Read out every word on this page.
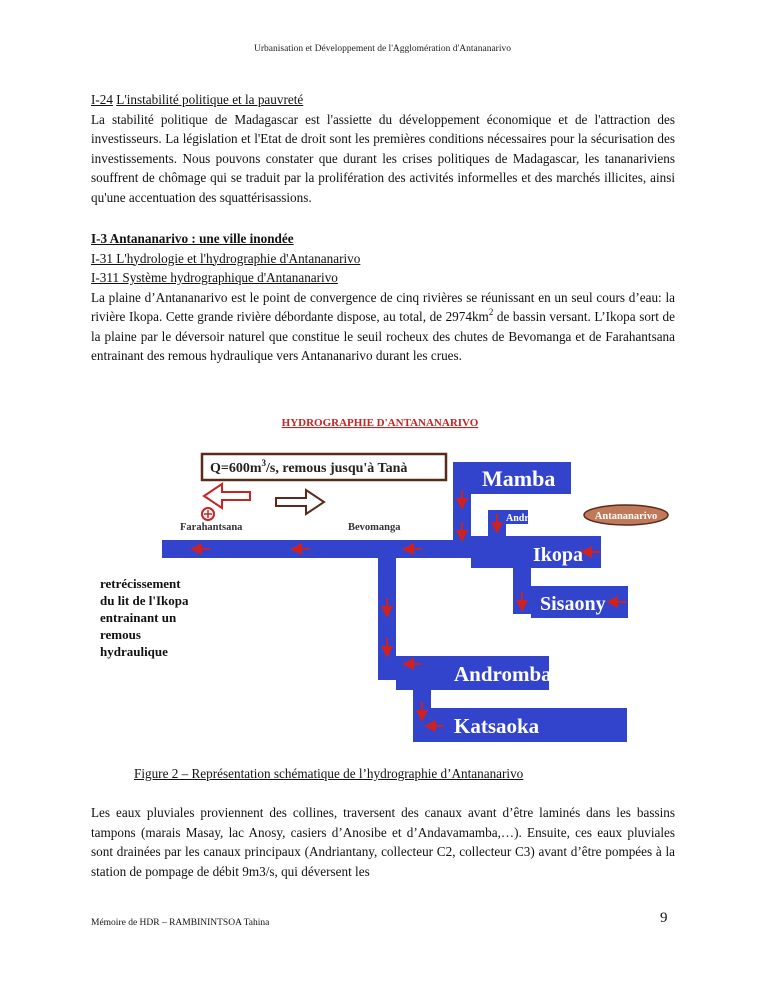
Urbanisation et Développement de l'Agglomération d'Antananarivo
I-24 L'instabilité politique et la pauvreté
La stabilité politique de Madagascar est l'assiette du développement économique et de l'attraction des investisseurs. La législation et l'Etat de droit sont les premières conditions nécessaires pour la sécurisation des investissements. Nous pouvons constater que durant les crises politiques de Madagascar, les tananariviens souffrent de chômage qui se traduit par la prolifération des activités informelles et des marchés illicites, ainsi qu'une accentuation des squattérisassions.
I-3 Antananarivo : une ville inondée
I-31 L'hydrologie et l'hydrographie d'Antananarivo
I-311 Système hydrographique d'Antananarivo
La plaine d’Antananarivo est le point de convergence de cinq rivières se réunissant en un seul cours d’eau: la rivière Ikopa. Cette grande rivière débordante dispose, au total, de $2974km^2$ de bassin versant. L’Ikopa sort de la plaine par le déversoir naturel que constitue le seuil rocheux des chutes de Bevomanga et de Farahantsana entrainant des remous hydraulique vers Antananarivo durant les crues.
HYDROGRAPHIE D'ANTANANARIVO
$Q=600m^3/s$, remous jusqu'à Tanà
Farahantsana	Bevomanga
Andriantany	Antananarivo
Mamba
Ikopa
Sisaony
Andromba
Katsaoka
retrécissement
du lit de l'Ikopa
entrainant un
remous
hydraulique
Figure 2 – Représentation schématique de l’hydrographie d’Antananarivo
Les eaux pluviales proviennent des collines, traversent des canaux avant d’être laminés dans les bassins tampons (marais Masay, lac Anosy, casiers d’Anosibe et d’Andavamamba,…). Ensuite, ces eaux pluviales sont drainées par les canaux principaux (Andriantany, collecteur C2, collecteur C3) avant d’être pompées à la station de pompage de débit 9m3/s, qui déversent les
Mémoire de HDR – RAMBININTSOA Tahina	9
